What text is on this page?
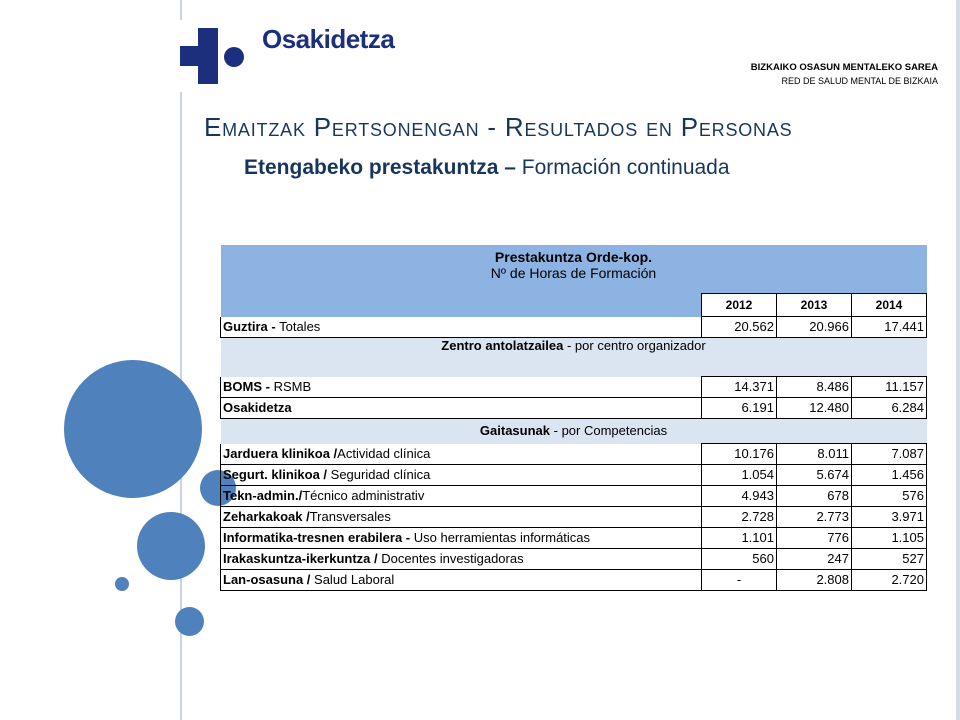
Osakidetza
BIZKAIKO OSASUN MENTALEKO SAREA
RED DE SALUD MENTAL DE BIZKAIA
Emaitzak Pertsonengan - Resultados en Personas
Etengabeko prestakuntza – Formación continuada
Prestakuntza Orde-kop.
Nº de Horas de Formación			

	2012	2013	2014
Guztira - Totales	20.562	20.966	17.441
Zentro antolatzailea - por centro organizador			
BOMS - RSMB	14.371	8.486	11.157
Osakidetza	6.191	12.480	6.284
Gaitasunak - por Competencias			
Jarduera klinikoa /Actividad clínica	10.176	8.011	7.087
Segurt. klinikoa / Seguridad clínica	1.054	5.674	1.456
Tekn-admin./Técnico administrativ	4.943	678	576
Zeharkakoak /Transversales	2.728	2.773	3.971
Informatika-tresnen erabilera - Uso herramientas informáticas	1.101	776	1.105
Irakaskuntza-ikerkuntza / Docentes investigadoras	560	247	527
Lan-osasuna / Salud Laboral	-	2.808	2.720
